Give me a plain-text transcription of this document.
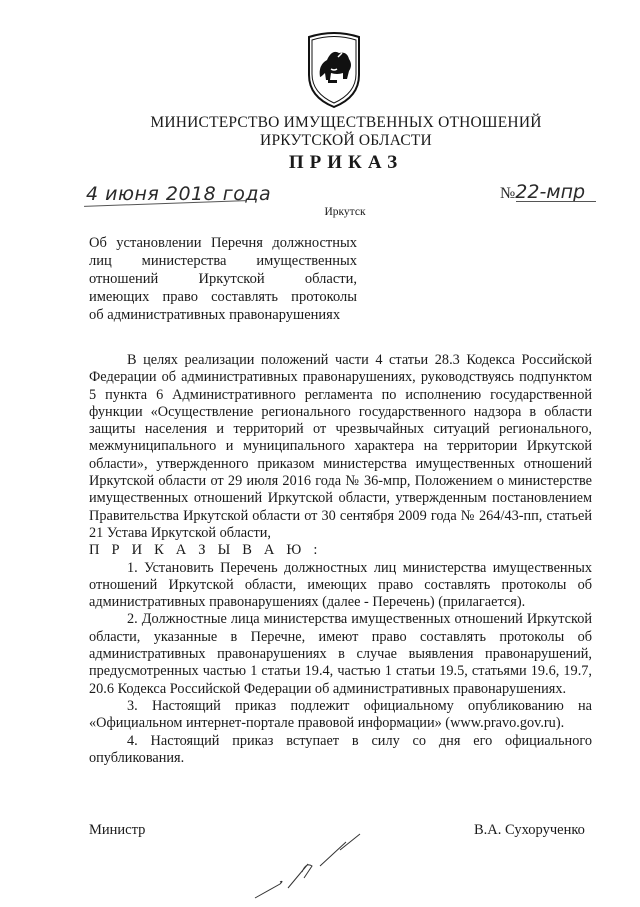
МИНИСТЕРСТВО ИМУЩЕСТВЕННЫХ ОТНОШЕНИЙ
ИРКУТСКОЙ ОБЛАСТИ
ПРИКАЗ
4 июня 2018 года	№22-мпр
Иркутск
Об установлении Перечня должностных
лиц министерства имущественных
отношений Иркутской области,
имеющих право составлять протоколы
об административных правонарушениях

В целях реализации положений части 4 статьи 28.3 Кодекса Российской Федерации об административных правонарушениях, руководствуясь подпунктом 5 пункта 6 Административного регламента по исполнению государственной функции «Осуществление регионального государственного надзора в области защиты населения и территорий от чрезвычайных ситуаций регионального, межмуниципального и муниципального характера на территории Иркутской области», утвержденного приказом министерства имущественных отношений Иркутской области от 29 июля 2016 года № 36-мпр, Положением о министерстве имущественных отношений Иркутской области, утвержденным постановлением Правительства Иркутской области от 30 сентября 2009 года № 264/43-пп, статьей 21 Устава Иркутской области,

П Р И К А З Ы В А Ю :

1. Установить Перечень должностных лиц министерства имущественных отношений Иркутской области, имеющих право составлять протоколы об административных правонарушениях (далее - Перечень) (прилагается).

2. Должностные лица министерства имущественных отношений Иркутской области, указанные в Перечне, имеют право составлять протоколы об административных правонарушениях в случае выявления правонарушений, предусмотренных частью 1 статьи 19.4, частью 1 статьи 19.5, статьями 19.6, 19.7, 20.6 Кодекса Российской Федерации об административных правонарушениях.

3. Настоящий приказ подлежит официальному опубликованию на «Официальном интернет-портале правовой информации» (www.pravo.gov.ru).

4. Настоящий приказ вступает в силу со дня его официального опубликования.

Министр	В.А. Сухорученко
